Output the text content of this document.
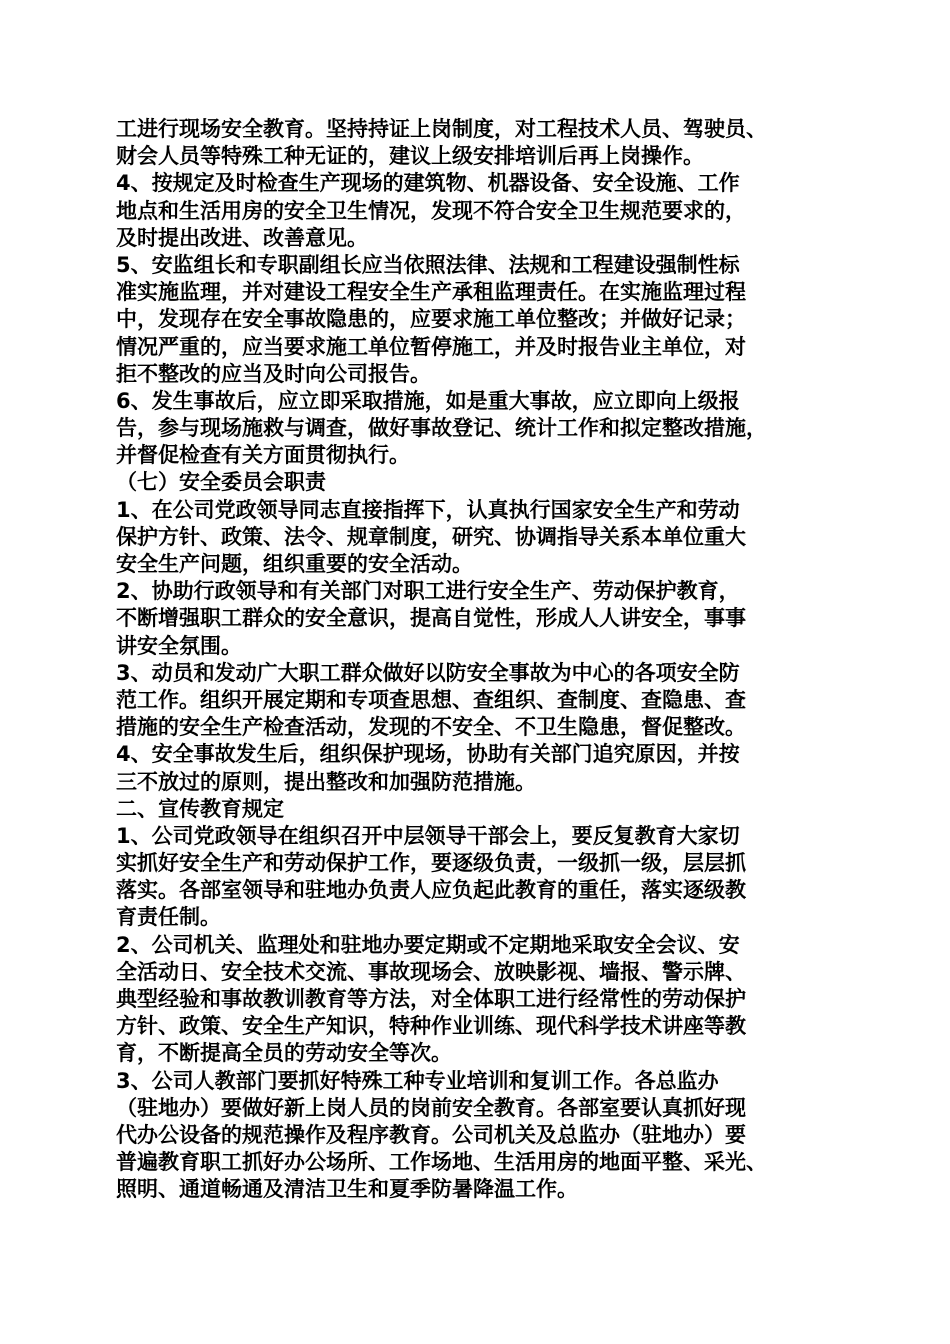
工进行现场安全教育。坚持持证上岗制度，对工程技术人员、驾驶员、
财会人员等特殊工种无证的，建议上级安排培训后再上岗操作。
4、按规定及时检查生产现场的建筑物、机器设备、安全设施、工作
地点和生活用房的安全卫生情况，发现不符合安全卫生规范要求的，
及时提出改进、改善意见。
5、安监组长和专职副组长应当依照法律、法规和工程建设强制性标
准实施监理，并对建设工程安全生产承租监理责任。在实施监理过程
中，发现存在安全事故隐患的，应要求施工单位整改；并做好记录；
情况严重的，应当要求施工单位暂停施工，并及时报告业主单位，对
拒不整改的应当及时向公司报告。
6、发生事故后，应立即采取措施，如是重大事故，应立即向上级报
告，参与现场施救与调查，做好事故登记、统计工作和拟定整改措施，
并督促检查有关方面贯彻执行。
（七）安全委员会职责
1、在公司党政领导同志直接指挥下，认真执行国家安全生产和劳动
保护方针、政策、法令、规章制度，研究、协调指导关系本单位重大
安全生产问题，组织重要的安全活动。
2、协助行政领导和有关部门对职工进行安全生产、劳动保护教育，
不断增强职工群众的安全意识，提高自觉性，形成人人讲安全，事事
讲安全氛围。
3、动员和发动广大职工群众做好以防安全事故为中心的各项安全防
范工作。组织开展定期和专项查思想、查组织、查制度、查隐患、查
措施的安全生产检查活动，发现的不安全、不卫生隐患，督促整改。
4、安全事故发生后，组织保护现场，协助有关部门追究原因，并按
三不放过的原则，提出整改和加强防范措施。
二、宣传教育规定
1、公司党政领导在组织召开中层领导干部会上，要反复教育大家切
实抓好安全生产和劳动保护工作，要逐级负责，一级抓一级，层层抓
落实。各部室领导和驻地办负责人应负起此教育的重任，落实逐级教
育责任制。
2、公司机关、监理处和驻地办要定期或不定期地采取安全会议、安
全活动日、安全技术交流、事故现场会、放映影视、墙报、警示牌、
典型经验和事故教训教育等方法，对全体职工进行经常性的劳动保护
方针、政策、安全生产知识，特种作业训练、现代科学技术讲座等教
育，不断提高全员的劳动安全等次。
3、公司人教部门要抓好特殊工种专业培训和复训工作。各总监办
（驻地办）要做好新上岗人员的岗前安全教育。各部室要认真抓好现
代办公设备的规范操作及程序教育。公司机关及总监办（驻地办）要
普遍教育职工抓好办公场所、工作场地、生活用房的地面平整、采光、
照明、通道畅通及清洁卫生和夏季防暑降温工作。
